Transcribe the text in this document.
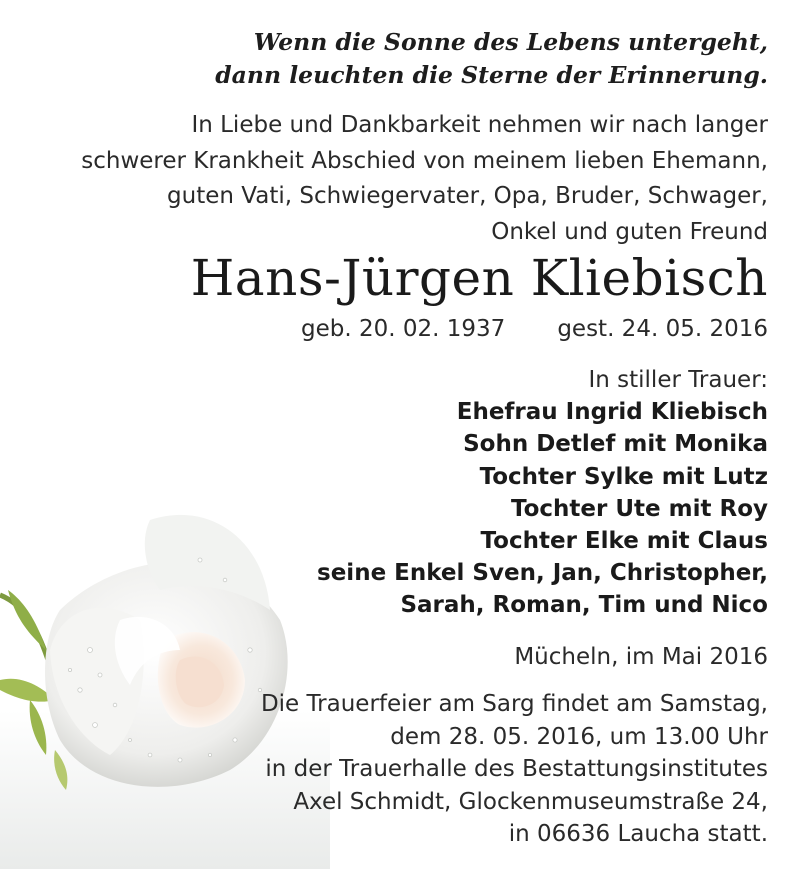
Wenn die Sonne des Lebens untergeht,
dann leuchten die Sterne der Erinnerung.
In Liebe und Dankbarkeit nehmen wir nach langer
schwerer Krankheit Abschied von meinem lieben Ehemann,
guten Vati, Schwiegervater, Opa, Bruder, Schwager,
Onkel und guten Freund
Hans-Jürgen Kliebisch
geb. 20. 02. 1937 gest. 24. 05. 2016
In stiller Trauer:
Ehefrau Ingrid Kliebisch
Sohn Detlef mit Monika
Tochter Sylke mit Lutz
Tochter Ute mit Roy
Tochter Elke mit Claus
seine Enkel Sven, Jan, Christopher,
Sarah, Roman, Tim und Nico
Mücheln, im Mai 2016
Die Trauerfeier am Sarg findet am Samstag,
dem 28. 05. 2016, um 13.00 Uhr
in der Trauerhalle des Bestattungsinstitutes
Axel Schmidt, Glockenmuseumstraße 24,
in 06636 Laucha statt.
